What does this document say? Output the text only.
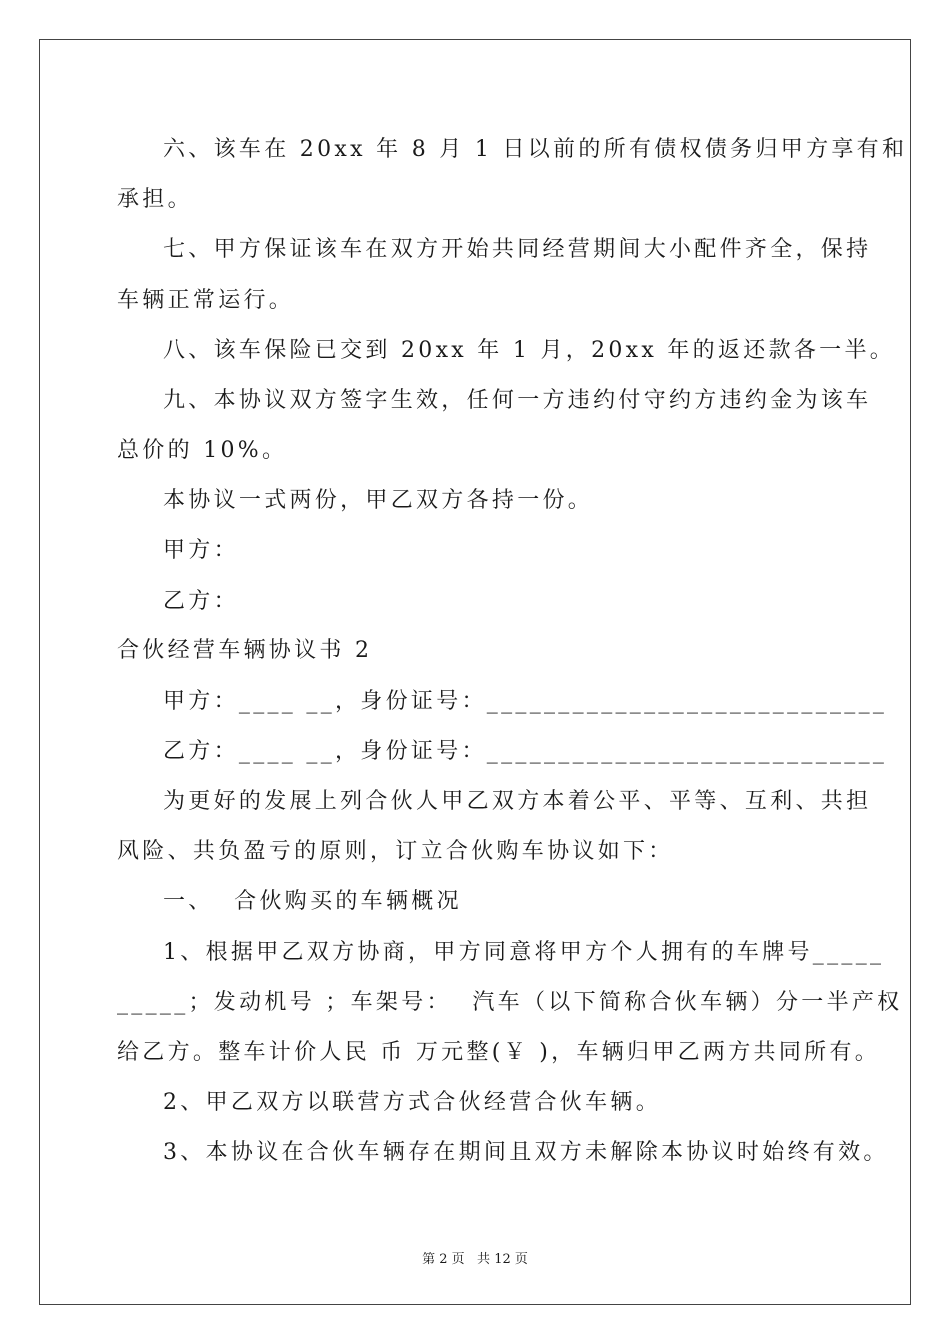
六、该车在 20xx 年 8 月 1 日以前的所有债权债务归甲方享有和
承担。
七、甲方保证该车在双方开始共同经营期间大小配件齐全，保持
车辆正常运行。
八、该车保险已交到 20xx 年 1 月，20xx 年的返还款各一半。
九、本协议双方签字生效，任何一方违约付守约方违约金为该车
总价的 10%。
本协议一式两份，甲乙双方各持一份。
甲方：
乙方：
合伙经营车辆协议书 2
甲方：____ __，身份证号：____________________________
乙方：____ __，身份证号：____________________________
为更好的发展上列合伙人甲乙双方本着公平、平等、互利、共担
风险、共负盈亏的原则，订立合伙购车协议如下：
一、  合伙购买的车辆概况
1、根据甲乙双方协商，甲方同意将甲方个人拥有的车牌号_____
_____；发动机号 ；车架号：  汽车（以下简称合伙车辆）分一半产权
给乙方。整车计价人民 币 万元整(￥ )，车辆归甲乙两方共同所有。
2、甲乙双方以联营方式合伙经营合伙车辆。
3、本协议在合伙车辆存在期间且双方未解除本协议时始终有效。
第 2 页   共 12 页
